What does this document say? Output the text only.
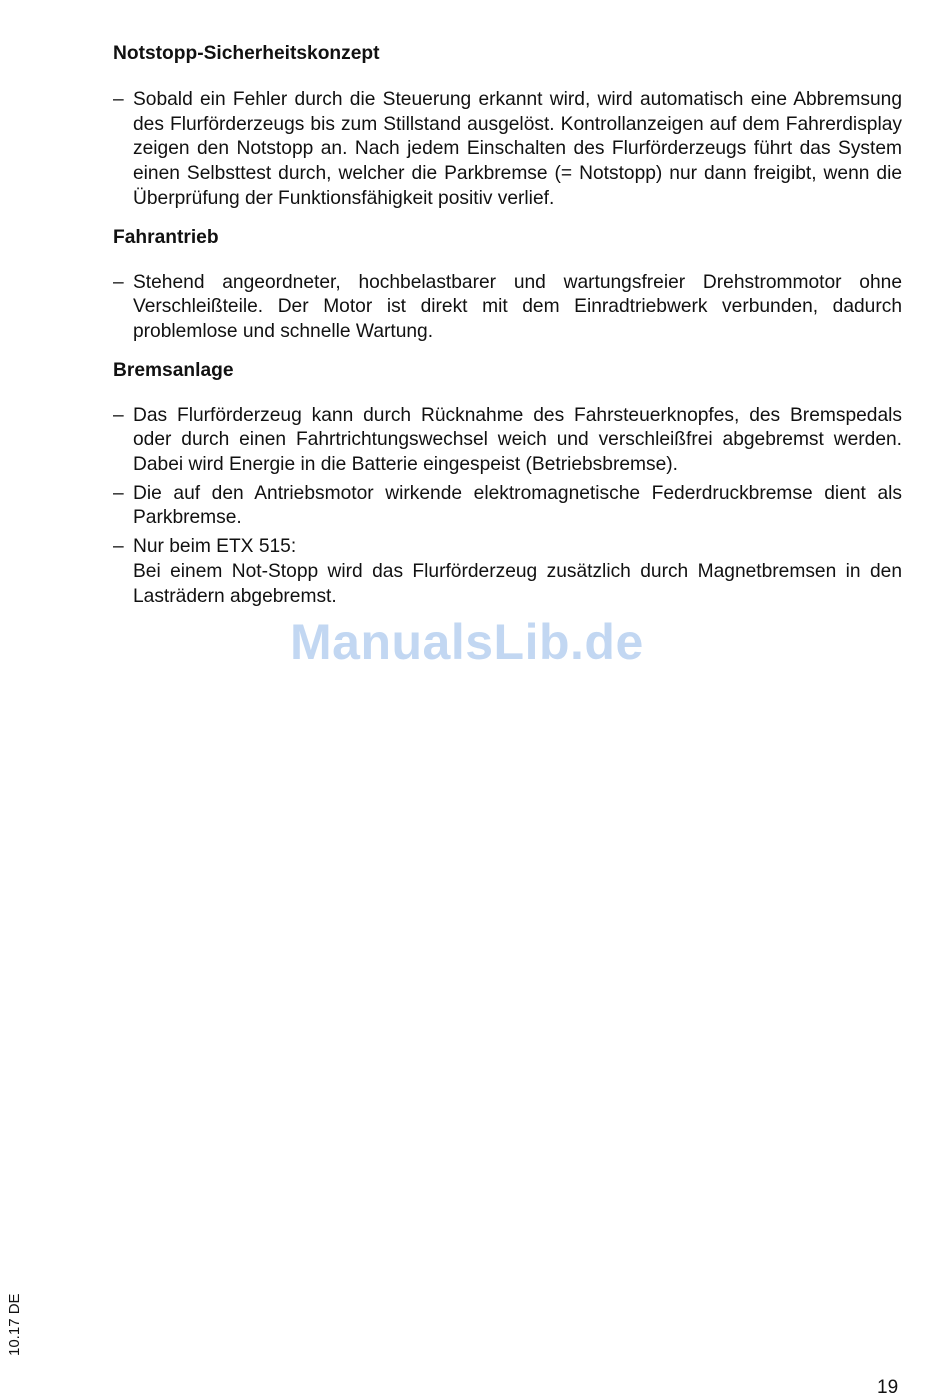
Notstopp-Sicherheitskonzept
– Sobald ein Fehler durch die Steuerung erkannt wird, wird automatisch eine Abbremsung des Flurförderzeugs bis zum Stillstand ausgelöst. Kontrollanzeigen auf dem Fahrerdisplay zeigen den Notstopp an. Nach jedem Einschalten des Flurförderzeugs führt das System einen Selbsttest durch, welcher die Parkbremse (= Notstopp) nur dann freigibt, wenn die Überprüfung der Funktionsfähigkeit positiv verlief.
Fahrantrieb
– Stehend angeordneter, hochbelastbarer und wartungsfreier Drehstrommotor ohne Verschleißteile. Der Motor ist direkt mit dem Einradtriebwerk verbunden, dadurch problemlose und schnelle Wartung.
Bremsanlage
– Das Flurförderzeug kann durch Rücknahme des Fahrsteuerknopfes, des Bremspedals oder durch einen Fahrtrichtungswechsel weich und verschleißfrei abgebremst werden. Dabei wird Energie in die Batterie eingespeist (Betriebsbremse).
– Die auf den Antriebsmotor wirkende elektromagnetische Federdruckbremse dient als Parkbremse.
– Nur beim ETX 515:
Bei einem Not-Stopp wird das Flurförderzeug zusätzlich durch Magnetbremsen in den Lasträdern abgebremst.
ManualsLib.de
10.17 DE
19
